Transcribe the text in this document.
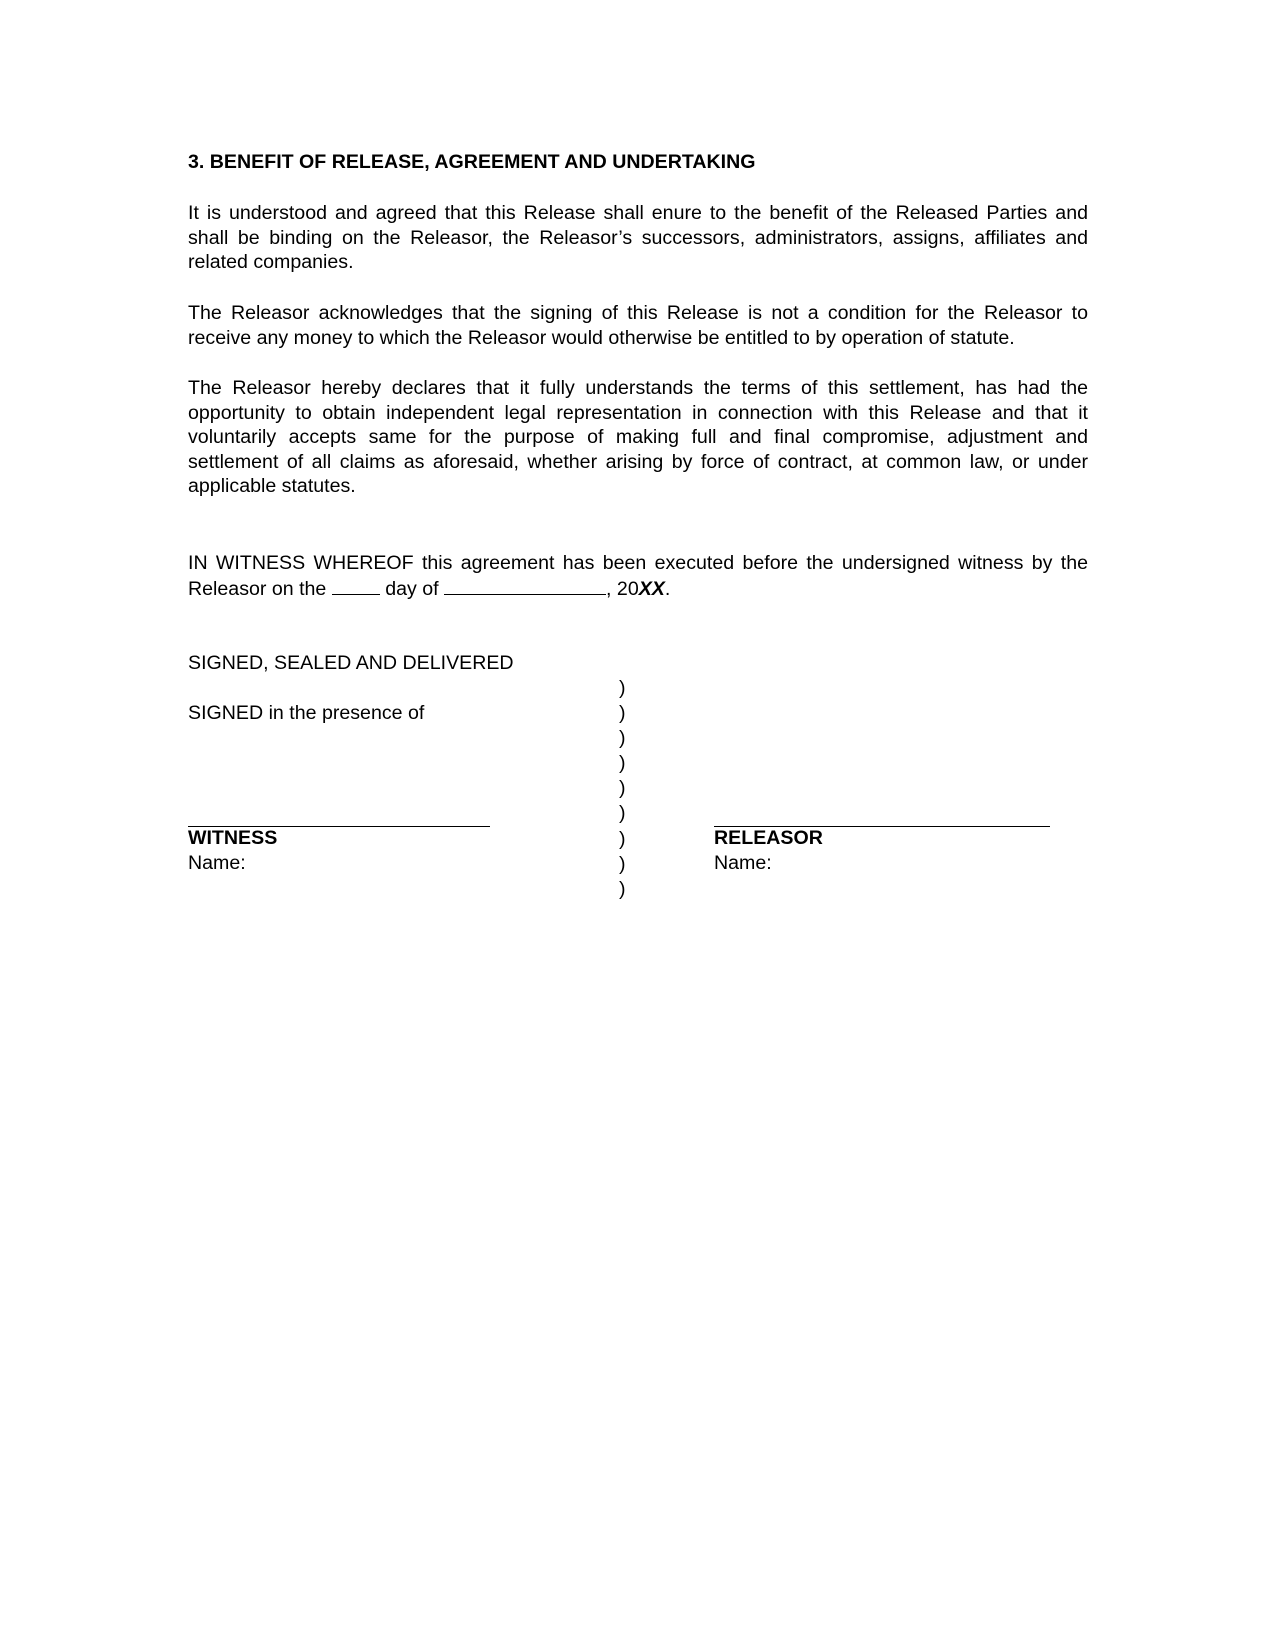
3. BENEFIT OF RELEASE, AGREEMENT AND UNDERTAKING
It is understood and agreed that this Release shall enure to the benefit of the Released Parties and shall be binding on the Releasor, the Releasor’s successors, administrators, assigns, affiliates and related companies.
The Releasor acknowledges that the signing of this Release is not a condition for the Releasor to receive any money to which the Releasor would otherwise be entitled to by operation of statute.
The Releasor hereby declares that it fully understands the terms of this settlement, has had the opportunity to obtain independent legal representation in connection with this Release and that it voluntarily accepts same for the purpose of making full and final compromise, adjustment and settlement of all claims as aforesaid, whether arising by force of contract, at common law, or under applicable statutes.
IN WITNESS WHEREOF this agreement has been executed before the undersigned witness by the Releasor on the  day of	, 20XX.
SIGNED, SEALED AND DELIVERED
SIGNED in the presence of
)
)
)
)
)
)
)
)
)
WITNESS
Name:
RELEASOR
Name:
